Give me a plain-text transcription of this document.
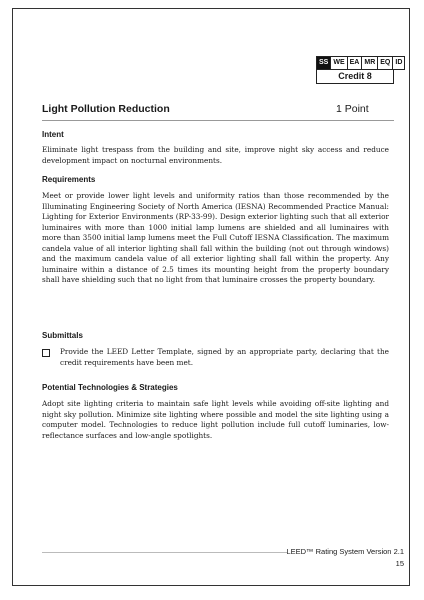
SS WE EA MR EQ ID
Credit 8
Light Pollution Reduction	1 Point
Intent

Eliminate light trespass from the building and site, improve night sky access and reduce development impact on nocturnal environments.

Requirements

Meet or provide lower light levels and uniformity ratios than those recommended by the Illuminating Engineering Society of North America (IESNA) Recommended Practice Manual: Lighting for Exterior Environments (RP-33-99). Design exterior lighting such that all exterior luminaires with more than 1000 initial lamp lumens are shielded and all luminaires with more than 3500 initial lamp lumens meet the Full Cutoff IESNA Classification. The maximum candela value of all interior lighting shall fall within the building (not out through windows) and the maximum candela value of all exterior lighting shall fall within the property. Any luminaire within a distance of 2.5 times its mounting height from the property boundary shall have shielding such that no light from that luminaire crosses the property boundary.

Submittals
Provide the LEED Letter Template, signed by an appropriate party, declaring that the credit requirements have been met.
Potential Technologies & Strategies

Adopt site lighting criteria to maintain safe light levels while avoiding off-site lighting and night sky pollution. Minimize site lighting where possible and model the site lighting using a computer model. Technologies to reduce light pollution include full cutoff luminaries, low-reflectance surfaces and low-angle spotlights.

LEED™ Rating System Version 2.1
15
